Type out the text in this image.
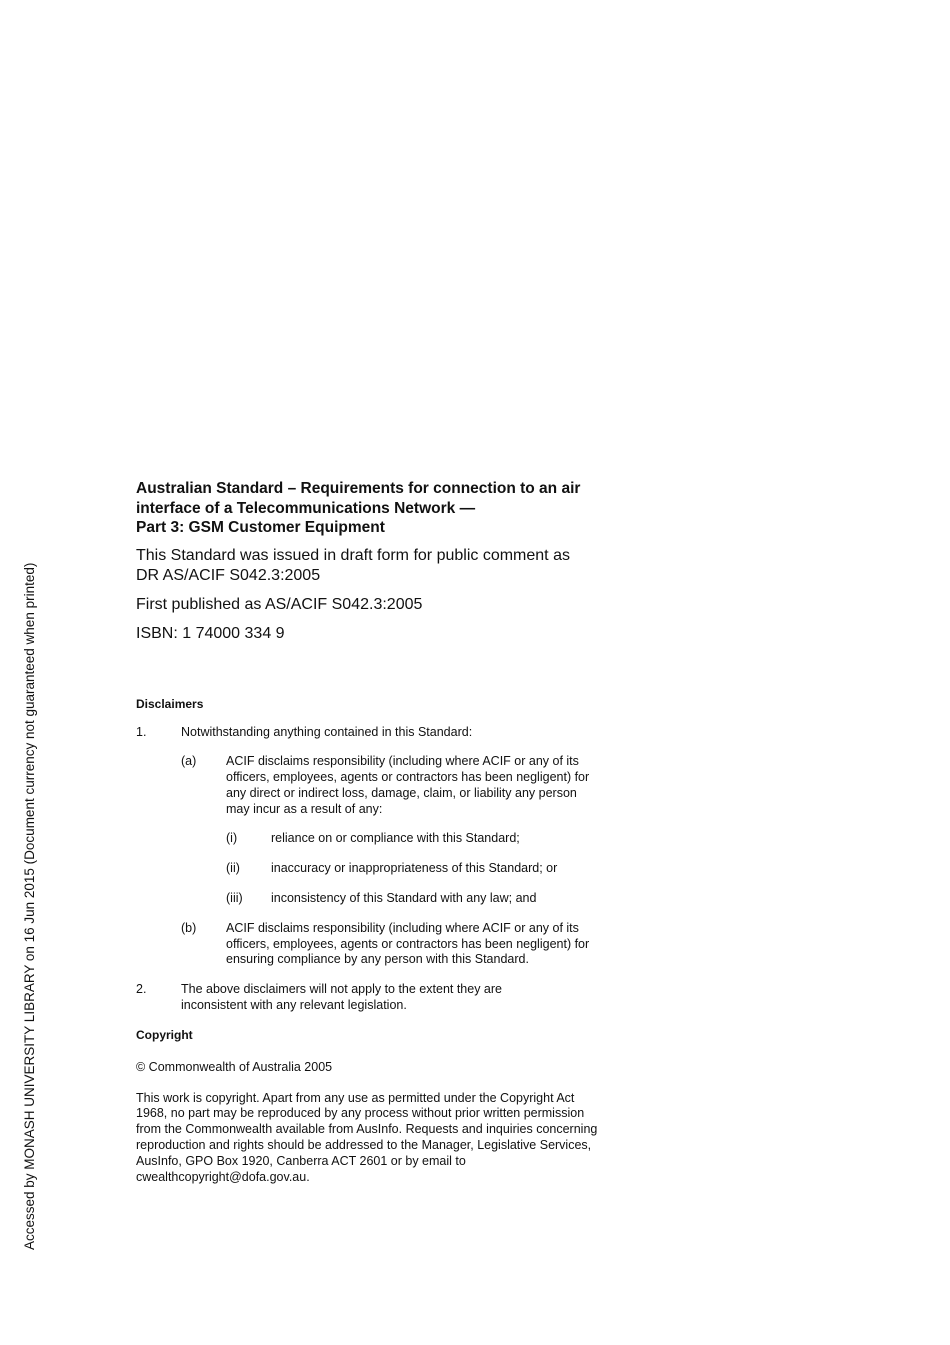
Accessed by MONASH UNIVERSITY LIBRARY on 16 Jun 2015 (Document currency not guaranteed when printed)
Australian Standard – Requirements for connection to an air
interface of a Telecommunications Network —
Part 3: GSM Customer Equipment
This Standard was issued in draft form for public comment as DR AS/ACIF S042.3:2005
First published as AS/ACIF S042.3:2005
ISBN: 1 74000 334 9
Disclaimers
1.	Notwithstanding anything contained in this Standard:
(a) ACIF disclaims responsibility (including where ACIF or any of its officers, employees, agents or contractors has been negligent) for any direct or indirect loss, damage, claim, or liability any person may incur as a result of any:
(i)	reliance on or compliance with this Standard;
(ii) inaccuracy or inappropriateness of this Standard; or
(iii) inconsistency of this Standard with any law; and
(b) ACIF disclaims responsibility (including where ACIF or any of its officers, employees, agents or contractors has been negligent) for ensuring compliance by any person with this Standard.
2.	The above disclaimers will not apply to the extent they are inconsistent with any relevant legislation.
Copyright
© Commonwealth of Australia 2005
This work is copyright. Apart from any use as permitted under the Copyright Act 1968, no part may be reproduced by any process without prior written permission from the Commonwealth available from AusInfo. Requests and inquiries concerning reproduction and rights should be addressed to the Manager, Legislative Services, AusInfo, GPO Box 1920, Canberra ACT 2601 or by email to cwealthcopyright@dofa.gov.au.
